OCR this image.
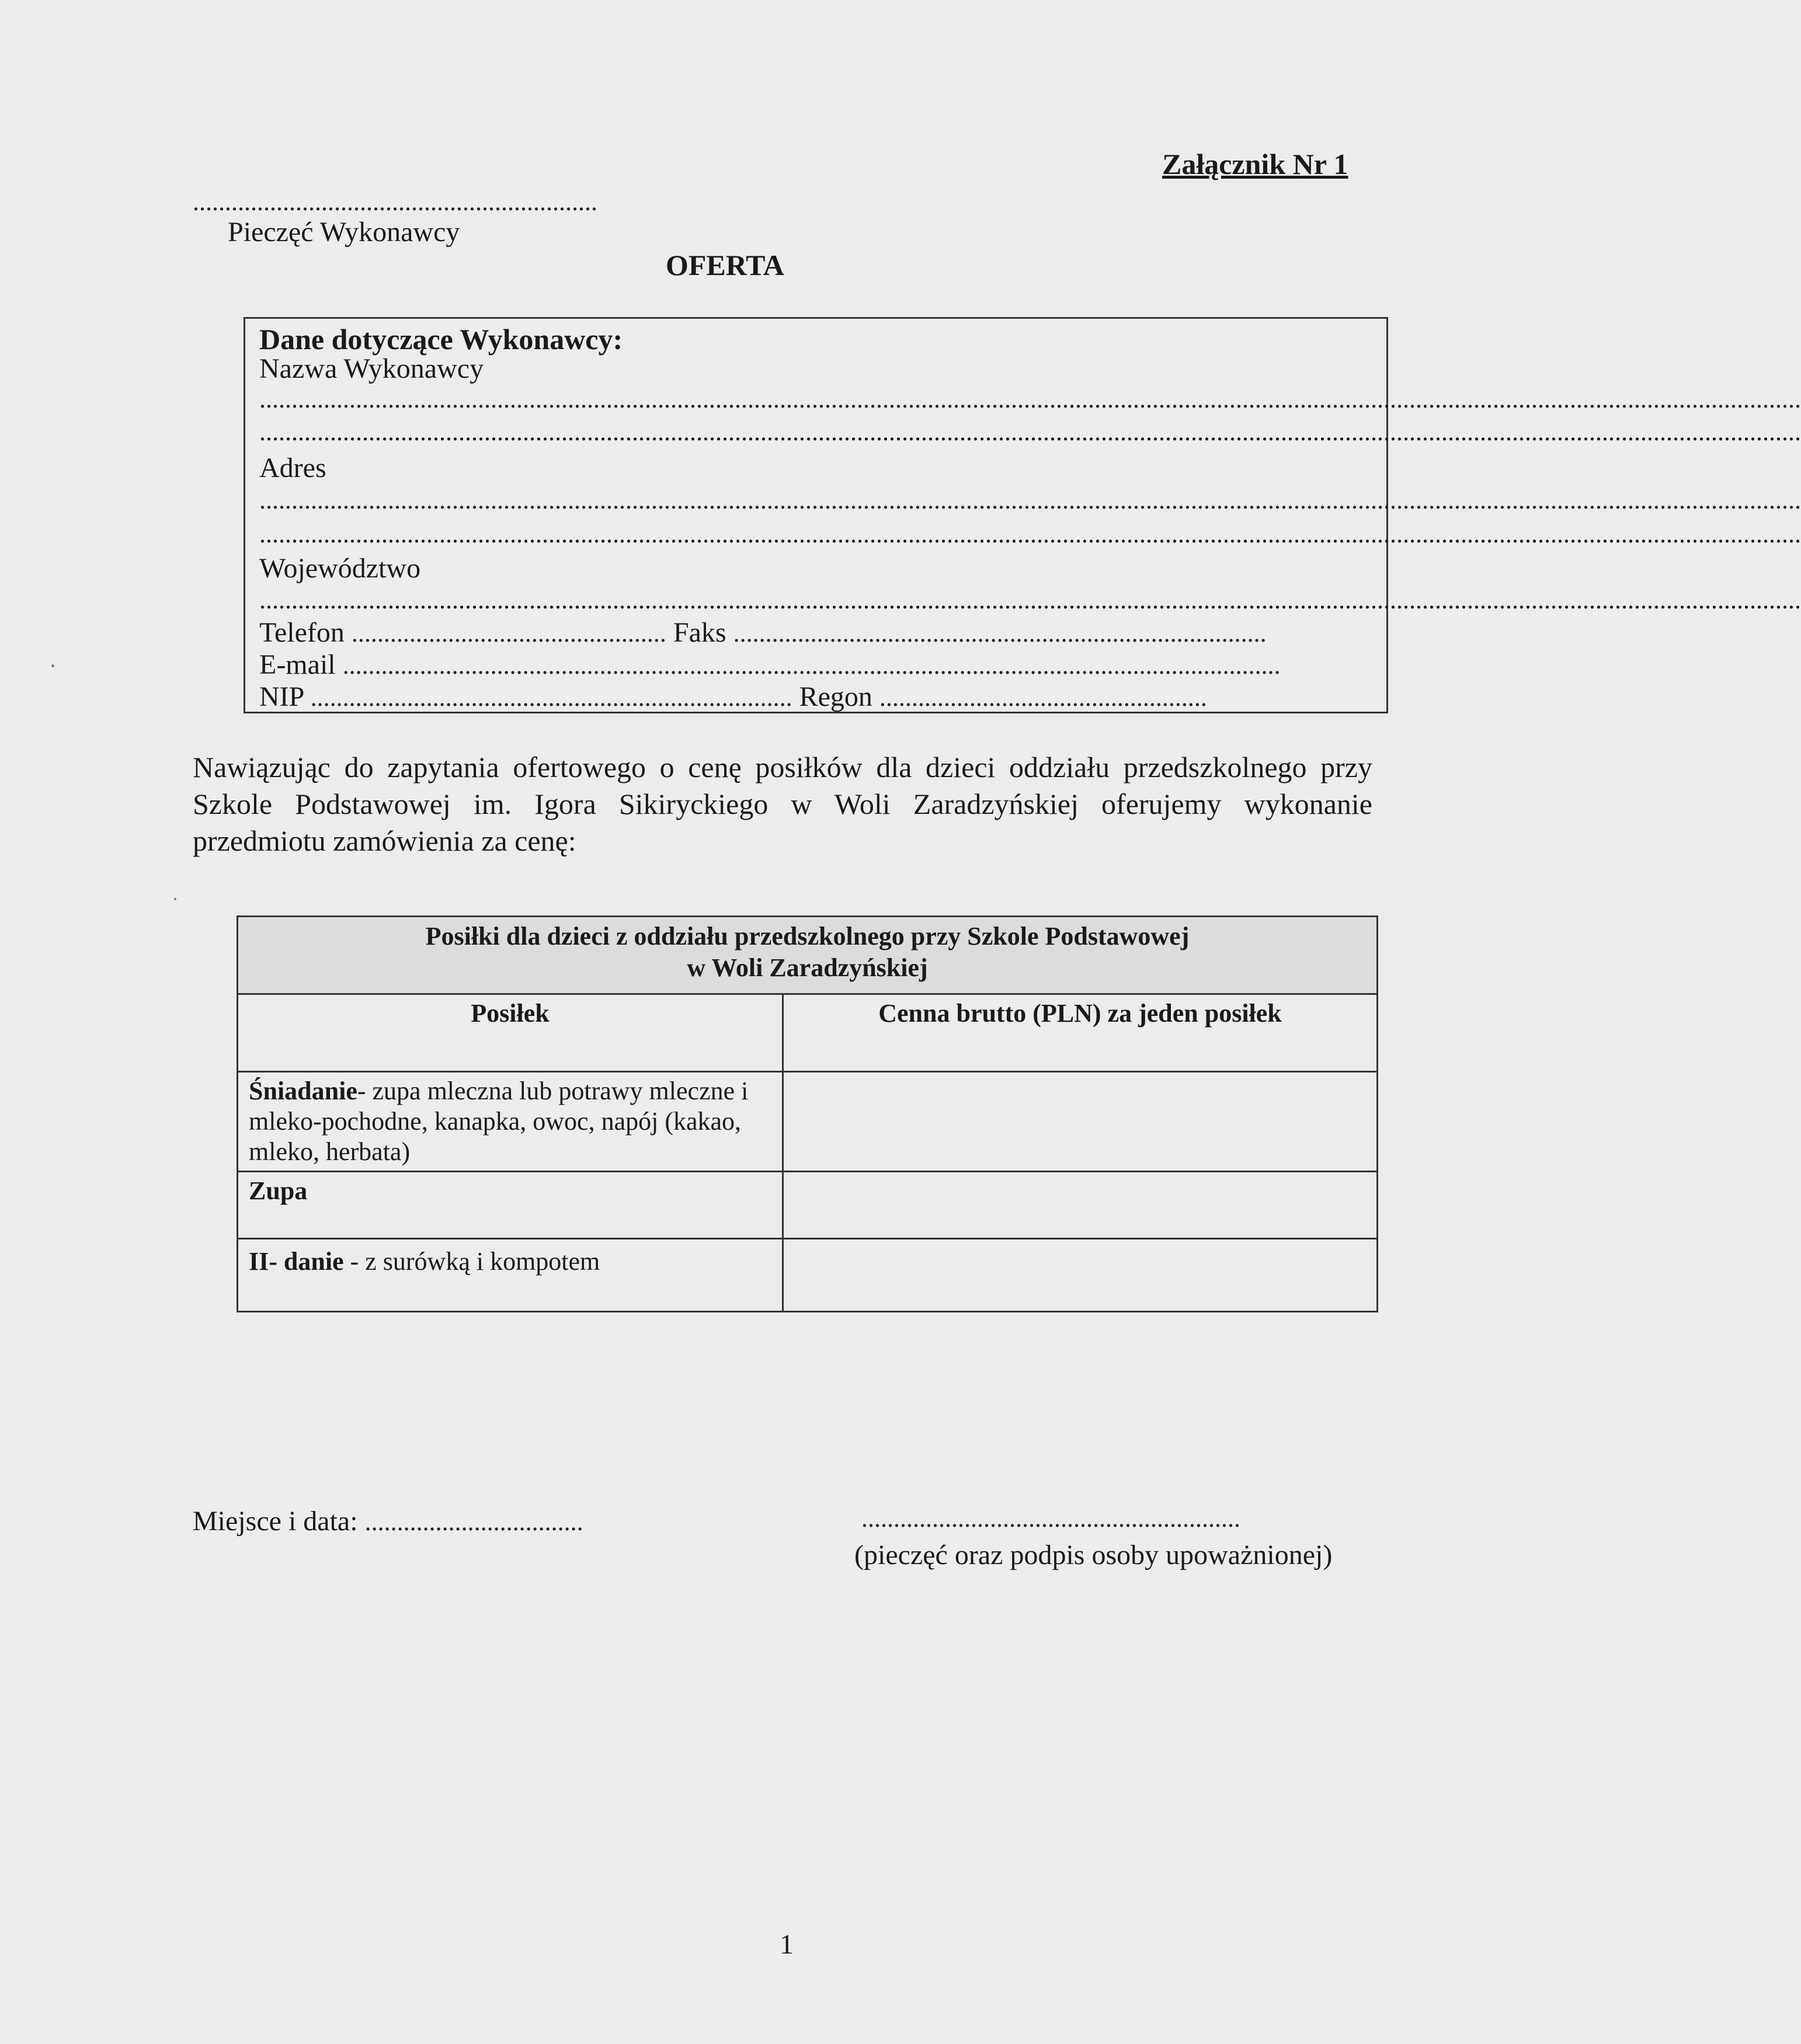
Załącznik Nr 1
...............................................................
Pieczęć Wykonawcy
OFERTA
Dane dotyczące Wykonawcy:
Nazwa Wykonawcy
................................................................................................................................................................................................................................................
................................................................................................................................................................................................................................................
Adres
................................................................................................................................................................................................................................................
................................................................................................................................................................................................................................................
Województwo
................................................................................................................................................................................................................................................
Telefon ................................................. Faks ...................................................................................
E-mail ..................................................................................................................................................
NIP ........................................................................... Regon ...................................................
Nawiązując do zapytania ofertowego o cenę posiłków dla dzieci oddziału przedszkolnego przy Szkole Podstawowej im. Igora Sikiryckiego w Woli Zaradzyńskiej oferujemy wykonanie przedmiotu zamówienia za cenę:
Posiłki dla dzieci z oddziału przedszkolnego przy Szkole Podstawowej
w Woli Zaradzyńskiej	

Posiłek	Cenna brutto (PLN) za jeden posiłek
Śniadanie- zupa mleczna lub potrawy mleczne i mleko-pochodne, kanapka, owoc, napój (kakao, mleko, herbata)	
Zupa	
II- danie - z surówką i kompotem	
Miejsce i data: ..................................	...........................................................
(pieczęć oraz podpis osoby upoważnionej)
1
